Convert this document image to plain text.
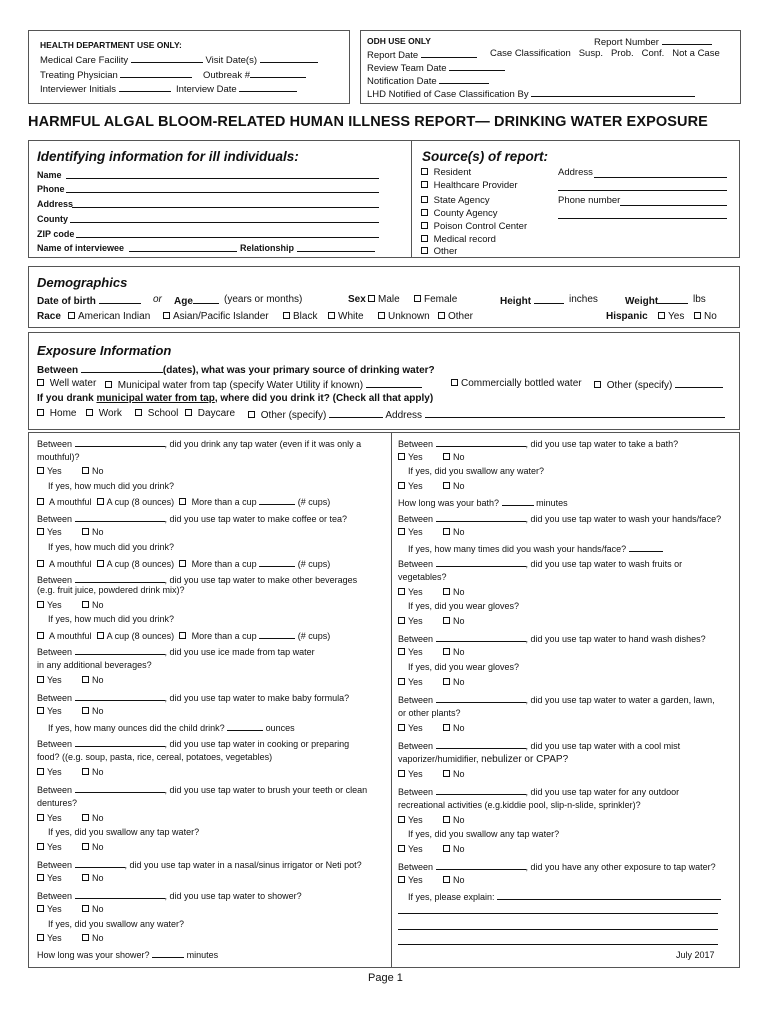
HEALTH DEPARTMENT USE ONLY:
Medical Care Facility	Visit Date(s)
Treating Physician	Outbreak #
Interviewer Initials	Interview Date
ODH USE ONLY	Report Number
Report Date	Case Classification Susp. Prob. Conf. Not a Case
Review Team Date
Notification Date
LHD Notified of Case Classification By
HARMFUL ALGAL BLOOM-RELATED HUMAN ILLNESS REPORT— DRINKING WATER EXPOSURE
Identifying information for ill individuals:
Name
Phone
Address
County
ZIP code
Name of interviewee	Relationship
Source(s) of report:
Resident
Healthcare Provider
State Agency
County Agency
Poison Control Center
Medical record
Other
Address
Phone number
Demographics
Date of birth	or Age	(years or months)	Sex	Male	Female	Height	inches	Weight	lbs
Race	American Indian	Asian/Pacific Islander	Black	White	Unknown	Other	Hispanic	Yes	No
Exposure Information
Between	(dates), what was your primary source of drinking water?
Well water	Municipal water from tap (specify Water Utility if known)	Commercially bottled water	Other (specify)
If you drank municipal water from tap, where did you drink it? (Check all that apply)
Home	Work	School	Daycare	Other (specify)	Address
Between	, did you drink any tap water (even if it was only a
mouthful)?
Yes	No
If yes, how much did you drink?
A mouthful A cup (8 ounces) More than a cup	(# cups)
Between	, did you use tap water to make coffee or tea?
Yes	No
If yes, how much did you drink?
A mouthful A cup (8 ounces) More than a cup	(# cups)
Between	, did you use tap water to make other beverages
(e.g. fruit juice, powdered drink mix)?
Yes	No
If yes, how much did you drink?
A mouthful A cup (8 ounces) More than a cup	(# cups)
Between	, did you use ice made from tap water
in any additional beverages?
Yes	No
Between	, did you use tap water to make baby formula?
Yes	No
If yes, how many ounces did the child drink?	ounces
Between	, did you use tap water in cooking or preparing
food? ((e.g. soup, pasta, rice, cereal, potatoes, vegetables)
Yes	No
Between	, did you use tap water to brush your teeth or clean
dentures?
Yes	No
If yes, did you swallow any tap water?
Yes	No
Between	, did you use tap water in a nasal/sinus irrigator or Neti pot?
Yes	No
Between	, did you use tap water to shower?
Yes	No
If yes, did you swallow any water?
Yes	No
How long was your shower?	minutes
Between	, did you use tap water to take a bath?
Yes	No
If yes, did you swallow any water?
Yes	No
How long was your bath?	minutes
Between	, did you use tap water to wash your hands/face?
Yes	No
If yes, how many times did you wash your hands/face?
Between	, did you use tap water to wash fruits or
vegetables?
Yes	No
If yes, did you wear gloves?
Yes	No
Between	, did you use tap water to hand wash dishes?
Yes	No
If yes, did you wear gloves?
Yes	No
Between	, did you use tap water to water a garden, lawn,
or other plants?
Yes	No
Between	, did you use tap water with a cool mist
vaporizer/humidifier, nebulizer or CPAP?
Yes	No
Between	, did you use tap water for any outdoor
recreational activities (e.g.kiddie pool, slip-n-slide, sprinkler)?
Yes	No
If yes, did you swallow any tap water?
Yes	No
Between	, did you have any other exposure to tap water?
Yes	No
If yes, please explain:
July 2017
Page 1
